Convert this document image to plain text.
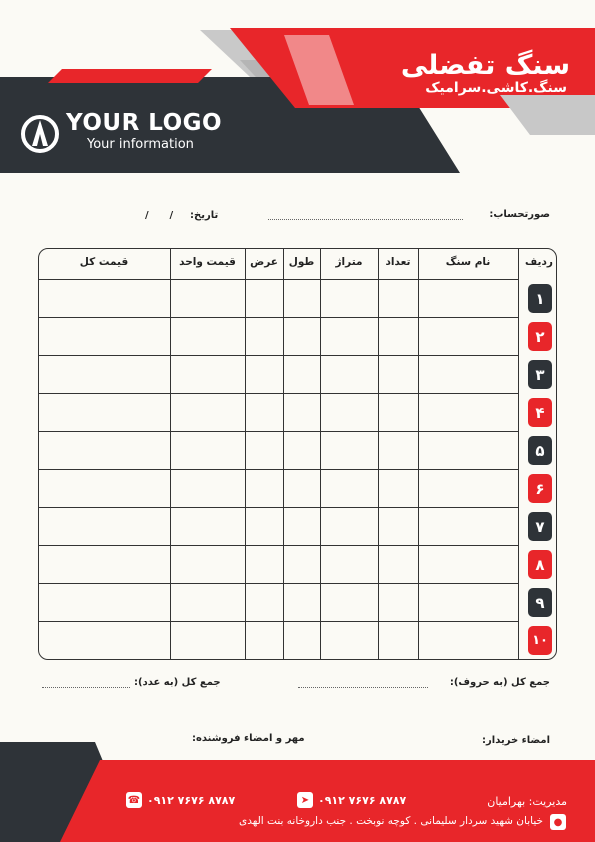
سنگ تفضلی
سنگ.کاشی.سرامیک
YOUR LOGO
Your information
صورتحساب:
تاریخ:
/      /
ردیف
نام سنگ
تعداد
متراژ
طول
عرض
قیمت واحد
قیمت کل
۱
۲
۳
۴
۵
۶
۷
۸
۹
۱۰
جمع کل (به حروف):
جمع کل (به عدد):
امضاء خریدار:
مهر و امضاء فروشنده:
مدیریت: بهرامیان
➤ ۰۹۱۲ ۷۶۷۶ ۸۷۸۷
☎ ۰۹۱۲ ۷۶۷۶ ۸۷۸۷
●
خیابان شهید سردار سلیمانی . کوچه نوبخت . جنب داروخانه بنت الهدی
